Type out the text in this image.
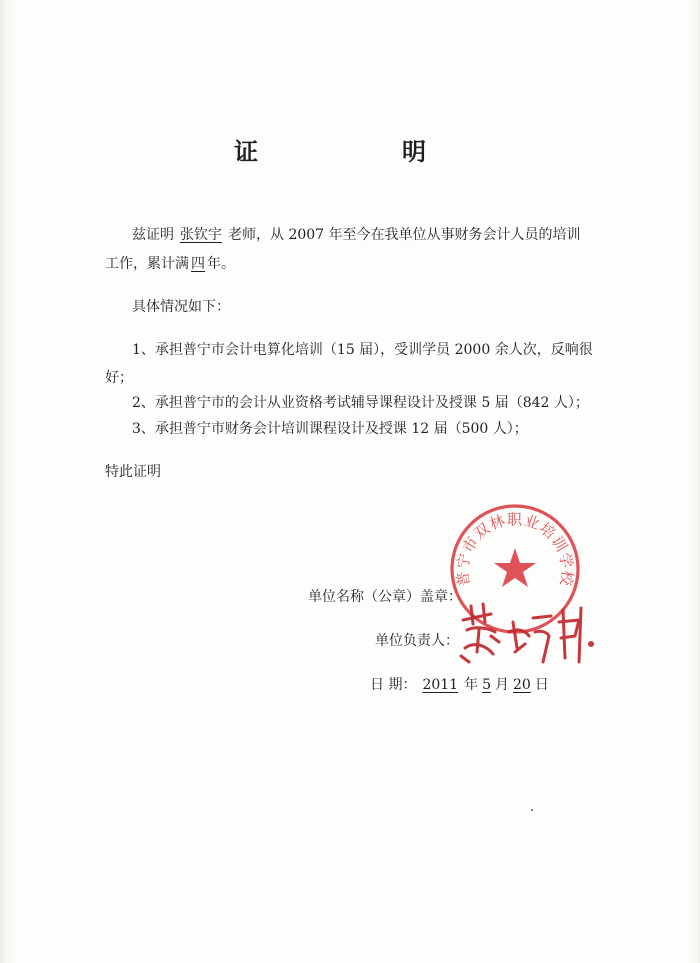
证　明
兹证明 张钦宇 老师，从 2007 年至今在我单位从事财务会计人员的培训
工作，累计满 四 年。
具体情况如下：
1、承担普宁市会计电算化培训（15 届），受训学员 2000 余人次，反响很
好；
2、承担普宁市的会计从业资格考试辅导课程设计及授课 5 届（842 人）；
3、承担普宁市财务会计培训课程设计及授课 12 届（500 人）；
特此证明
普宁市双林职业培训学校
单位名称（公章）盖章：
单位负责人：
日 期： 2011 年 5 月 20 日
